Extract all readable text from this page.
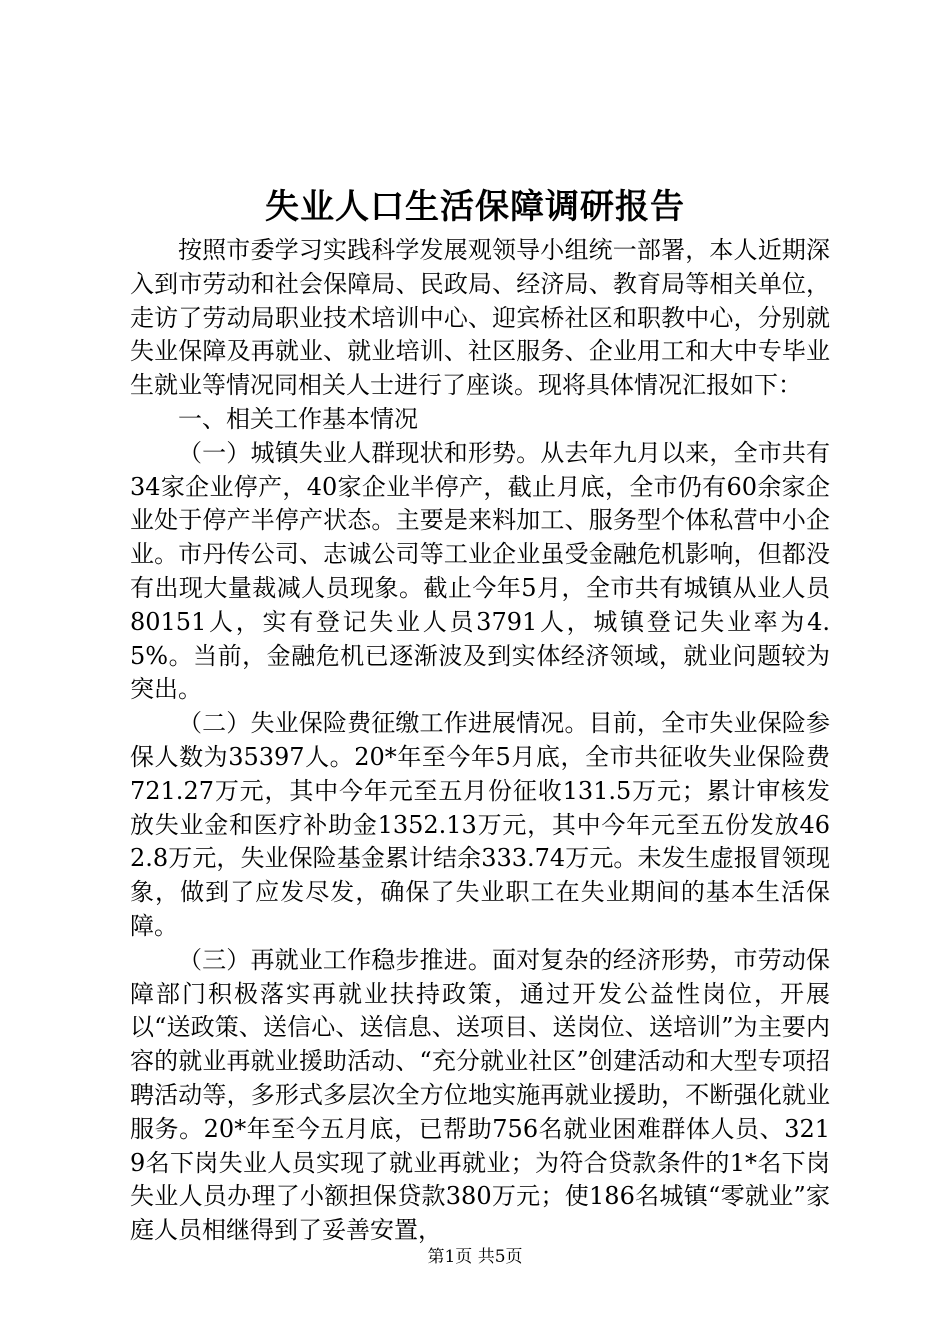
失业人口生活保障调研报告

按照市委学习实践科学发展观领导小组统一部署，本人近期深入到市劳动和社会保障局、民政局、经济局、教育局等相关单位，走访了劳动局职业技术培训中心、迎宾桥社区和职教中心，分别就失业保障及再就业、就业培训、社区服务、企业用工和大中专毕业生就业等情况同相关人士进行了座谈。现将具体情况汇报如下：

一、相关工作基本情况

（一）城镇失业人群现状和形势。从去年九月以来，全市共有34家企业停产，40家企业半停产，截止月底，全市仍有60余家企业处于停产半停产状态。主要是来料加工、服务型个体私营中小企业。市丹传公司、志诚公司等工业企业虽受金融危机影响，但都没有出现大量裁减人员现象。截止今年5月，全市共有城镇从业人员80151人，实有登记失业人员3791人，城镇登记失业率为4.5%。当前，金融危机已逐渐波及到实体经济领域，就业问题较为突出。

（二）失业保险费征缴工作进展情况。目前，全市失业保险参保人数为35397人。20*年至今年5月底，全市共征收失业保险费721.27万元，其中今年元至五月份征收131.5万元；累计审核发放失业金和医疗补助金1352.13万元，其中今年元至五份发放462.8万元，失业保险基金累计结余333.74万元。未发生虚报冒领现象，做到了应发尽发，确保了失业职工在失业期间的基本生活保障。

（三）再就业工作稳步推进。面对复杂的经济形势，市劳动保障部门积极落实再就业扶持政策，通过开发公益性岗位，开展以“送政策、送信心、送信息、送项目、送岗位、送培训”为主要内容的就业再就业援助活动、“充分就业社区”创建活动和大型专项招聘活动等，多形式多层次全方位地实施再就业援助，不断强化就业服务。20*年至今五月底，已帮助756名就业困难群体人员、3219名下岗失业人员实现了就业再就业；为符合贷款条件的1*名下岗失业人员办理了小额担保贷款380万元；使186名城镇“零就业”家庭人员相继得到了妥善安置，

第1页 共5页
